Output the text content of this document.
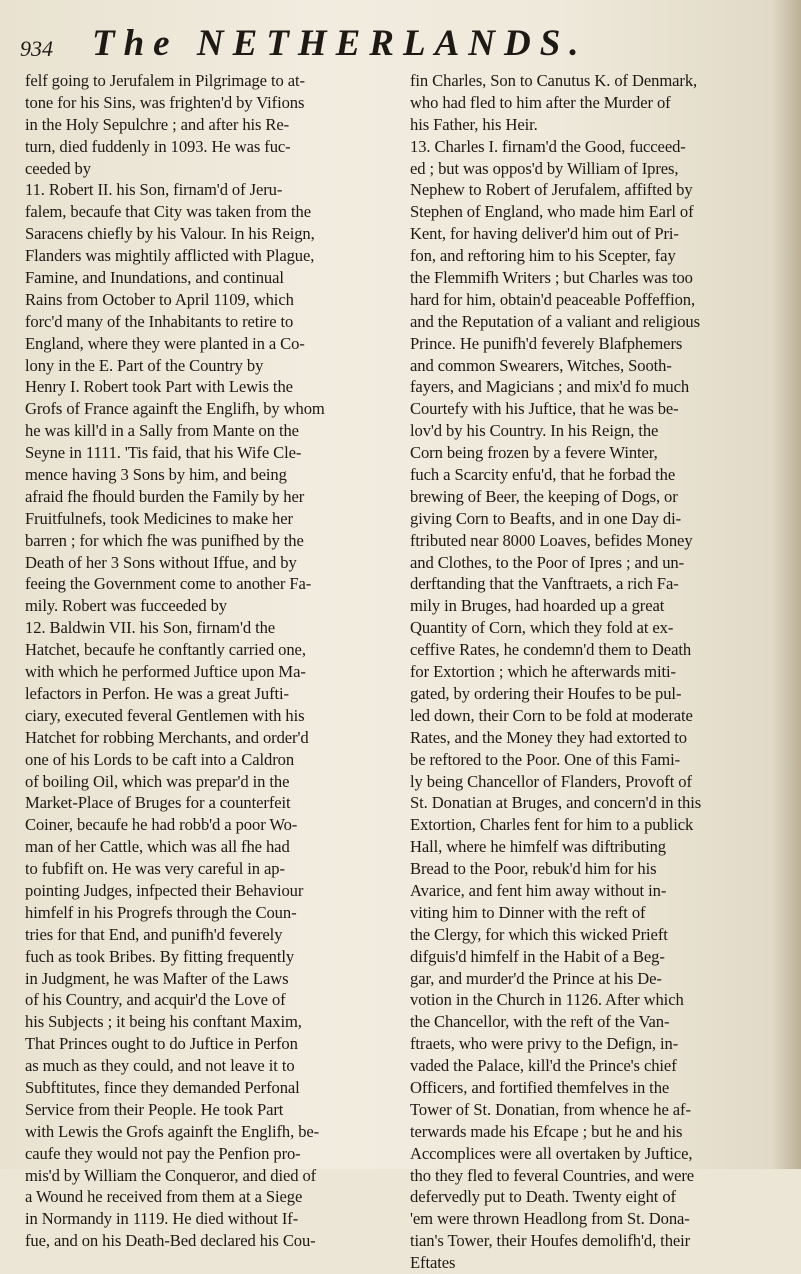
934 The NETHERLANDS.
felf going to Jerufalem in Pilgrimage to at-
tone for his Sins, was frighten'd by Vifions
in the Holy Sepulchre ; and after his Re-
turn, died fuddenly in 1093. He was fuc-
ceeded by
11. Robert II. his Son, firnam'd of Jeru-
falem, becaufe that City was taken from the
Saracens chiefly by his Valour. In his Reign,
Flanders was mightily afflicted with Plague,
Famine, and Inundations, and continual
Rains from October to April 1109, which
forc'd many of the Inhabitants to retire to
England, where they were planted in a Co-
lony in the E. Part of the Country by
Henry I. Robert took Part with Lewis the
Grofs of France againft the Englifh, by whom
he was kill'd in a Sally from Mante on the
Seyne in 1111. 'Tis faid, that his Wife Cle-
mence having 3 Sons by him, and being
afraid fhe fhould burden the Family by her
Fruitfulnefs, took Medicines to make her
barren ; for which fhe was punifhed by the
Death of her 3 Sons without Iffue, and by
feeing the Government come to another Fa-
mily. Robert was fucceeded by
12. Baldwin VII. his Son, firnam'd the
Hatchet, becaufe he conftantly carried one,
with which he performed Juftice upon Ma-
lefactors in Perfon. He was a great Jufti-
ciary, executed feveral Gentlemen with his
Hatchet for robbing Merchants, and order'd
one of his Lords to be caft into a Caldron
of boiling Oil, which was prepar'd in the
Market-Place of Bruges for a counterfeit
Coiner, becaufe he had robb'd a poor Wo-
man of her Cattle, which was all fhe had
to fubfift on. He was very careful in ap-
pointing Judges, infpected their Behaviour
himfelf in his Progrefs through the Coun-
tries for that End, and punifh'd feverely
fuch as took Bribes. By fitting frequently
in Judgment, he was Mafter of the Laws
of his Country, and acquir'd the Love of
his Subjects ; it being his conftant Maxim,
That Princes ought to do Juftice in Perfon
as much as they could, and not leave it to
Subftitutes, fince they demanded Perfonal
Service from their People. He took Part
with Lewis the Grofs againft the Englifh, be-
caufe they would not pay the Penfion pro-
mis'd by William the Conqueror, and died of
a Wound he received from them at a Siege
in Normandy in 1119. He died without If-
fue, and on his Death-Bed declared his Cou-
fin Charles, Son to Canutus K. of Denmark,
who had fled to him after the Murder of
his Father, his Heir.
13. Charles I. firnam'd the Good, fucceed-
ed ; but was oppos'd by William of Ipres,
Nephew to Robert of Jerufalem, affifted by
Stephen of England, who made him Earl of
Kent, for having deliver'd him out of Pri-
fon, and reftoring him to his Scepter, fay
the Flemmifh Writers ; but Charles was too
hard for him, obtain'd peaceable Poffeffion,
and the Reputation of a valiant and religious
Prince. He punifh'd feverely Blafphemers
and common Swearers, Witches, Sooth-
fayers, and Magicians ; and mix'd fo much
Courtefy with his Juftice, that he was be-
lov'd by his Country. In his Reign, the
Corn being frozen by a fevere Winter,
fuch a Scarcity enfu'd, that he forbad the
brewing of Beer, the keeping of Dogs, or
giving Corn to Beafts, and in one Day di-
ftributed near 8000 Loaves, befides Money
and Clothes, to the Poor of Ipres ; and un-
derftanding that the Vanftraets, a rich Fa-
mily in Bruges, had hoarded up a great
Quantity of Corn, which they fold at ex-
ceffive Rates, he condemn'd them to Death
for Extortion ; which he afterwards miti-
gated, by ordering their Houfes to be pul-
led down, their Corn to be fold at moderate
Rates, and the Money they had extorted to
be reftored to the Poor. One of this Fami-
ly being Chancellor of Flanders, Provoft of
St. Donatian at Bruges, and concern'd in this
Extortion, Charles fent for him to a publick
Hall, where he himfelf was diftributing
Bread to the Poor, rebuk'd him for his
Avarice, and fent him away without in-
viting him to Dinner with the reft of
the Clergy, for which this wicked Prieft
difguis'd himfelf in the Habit of a Beg-
gar, and murder'd the Prince at his De-
votion in the Church in 1126. After which
the Chancellor, with the reft of the Van-
ftraets, who were privy to the Defign, in-
vaded the Palace, kill'd the Prince's chief
Officers, and fortified themfelves in the
Tower of St. Donatian, from whence he af-
terwards made his Efcape ; but he and his
Accomplices were all overtaken by Juftice,
tho they fled to feveral Countries, and were
defervedly put to Death. Twenty eight of
'em were thrown Headlong from St. Dona-
tian's Tower, their Houfes demolifh'd, their
Eftates
